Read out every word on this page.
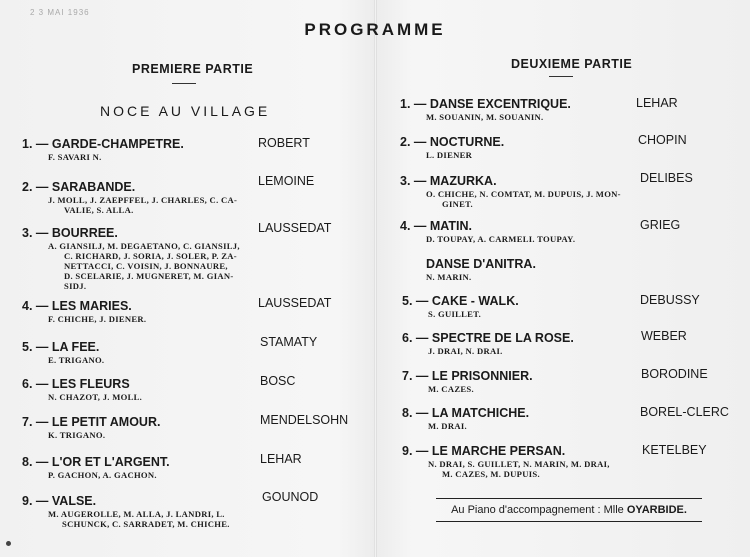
2 3 MAI 1936
PROGRAMME
PREMIERE PARTIE
NOCE AU VILLAGE
DEUXIEME PARTIE
1. — GARDE-CHAMPETRE.
F. SAVARI N.
ROBERT
2. — SARABANDE.
J. MOLL, J. ZAEPFFEL, J. CHARLES, C. CA-
VALIE, S. ALLA.
LEMOINE
3. — BOURREE.
A. GIANSILJ, M. DEGAETANO, C. GIANSILJ,
C. RICHARD, J. SORIA, J. SOLER, P. ZA-
NETTACCI, C. VOISIN, J. BONNAURE,
D. SCELARIE, J. MUGNERET, M. GIAN-
SIDJ.
LAUSSEDAT
4. — LES MARIES.
F. CHICHE, J. DIENER.
LAUSSEDAT
5. — LA FEE.
E. TRIGANO.
STAMATY
6. — LES FLEURS
N. CHAZOT, J. MOLL.
BOSC
7. — LE PETIT AMOUR.
K. TRIGANO.
MENDELSOHN
8. — L'OR ET L'ARGENT.
P. GACHON, A. GACHON.
LEHAR
9. — VALSE.
M. AUGEROLLE, M. ALLA, J. LANDRI, L.
SCHUNCK, C. SARRADET, M. CHICHE.
GOUNOD
1. — DANSE EXCENTRIQUE.
M. SOUANIN, M. SOUANIN.
LEHAR
2. — NOCTURNE.
L. DIENER
CHOPIN
3. — MAZURKA.
O. CHICHE, N. COMTAT, M. DUPUIS, J. MON-
GINET.
DELIBES
4. — MATIN.
D. TOUPAY, A. CARMELI. TOUPAY.
GRIEG
DANSE D'ANITRA.
N. MARIN.
5. — CAKE - WALK.
S. GUILLET.
DEBUSSY
6. — SPECTRE DE LA ROSE.
J. DRAI, N. DRAI.
WEBER
7. — LE PRISONNIER.
M. CAZES.
BORODINE
8. — LA MATCHICHE.
M. DRAI.
BOREL-CLERC
9. — LE MARCHE PERSAN.
N. DRAI, S. GUILLET, N. MARIN, M. DRAI,
M. CAZES, M. DUPUIS.
KETELBEY
Au Piano d'accompagnement : Mlle OYARBIDE.
